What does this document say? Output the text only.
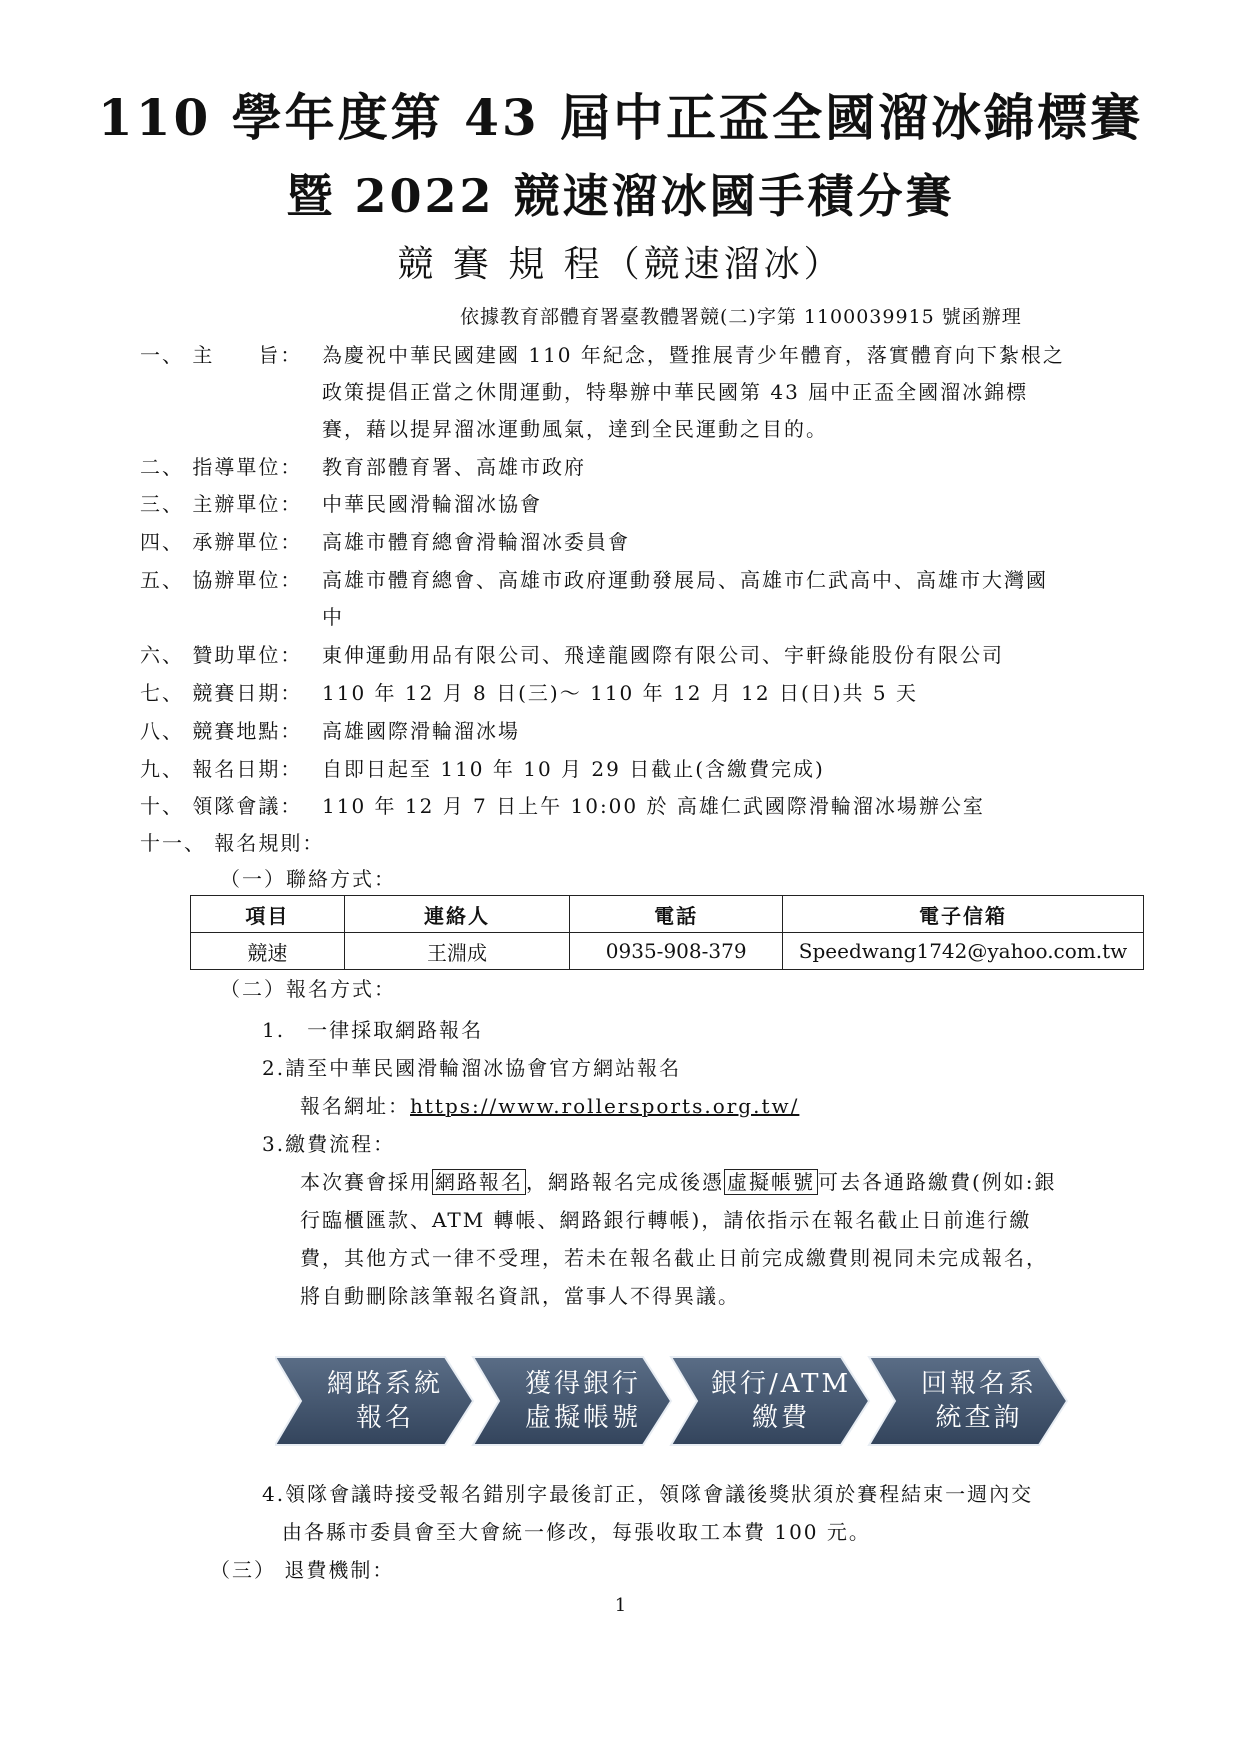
110 學年度第 43 屆中正盃全國溜冰錦標賽
暨 2022 競速溜冰國手積分賽
競 賽 規 程（競速溜冰）
依據教育部體育署臺教體署競(二)字第 1100039915 號函辦理
一、 主　　旨： 為慶祝中華民國建國 110 年紀念，暨推展青少年體育，落實體育向下紮根之
政策提倡正當之休閒運動，特舉辦中華民國第 43 屆中正盃全國溜冰錦標
賽，藉以提昇溜冰運動風氣，達到全民運動之目的。
二、 指導單位： 教育部體育署、高雄市政府
三、 主辦單位： 中華民國滑輪溜冰協會
四、 承辦單位： 高雄市體育總會滑輪溜冰委員會
五、 協辦單位： 高雄市體育總會、高雄市政府運動發展局、高雄市仁武高中、高雄市大灣國
中
六、 贊助單位： 東伸運動用品有限公司、飛達龍國際有限公司、宇軒綠能股份有限公司
七、 競賽日期： 110 年 12 月 8 日(三)～ 110 年 12 月 12 日(日)共 5 天
八、 競賽地點： 高雄國際滑輪溜冰場
九、 報名日期： 自即日起至 110 年 10 月 29 日截止(含繳費完成)
十、 領隊會議： 110 年 12 月 7 日上午 10:00 於 高雄仁武國際滑輪溜冰場辦公室
十一、 報名規則：
（一）聯絡方式：
項目	連絡人	電話	電子信箱
競速	王淵成	0935-908-379	Speedwang1742@yahoo.com.tw
（二）報名方式：
1.　一律採取網路報名
2.請至中華民國滑輪溜冰協會官方網站報名
報名網址：https://www.rollersports.org.tw/
3.繳費流程：
本次賽會採用 網路報名 ，網路報名完成後憑 虛擬帳號 可去各通路繳費(例如:銀
行臨櫃匯款、ATM 轉帳、網路銀行轉帳)，請依指示在報名截止日前進行繳
費，其他方式一律不受理，若未在報名截止日前完成繳費則視同未完成報名，
將自動刪除該筆報名資訊，當事人不得異議。
網路系統
報名
獲得銀行
虛擬帳號
銀行/ATM
繳費
回報名系
統查詢
4.領隊會議時接受報名錯別字最後訂正，領隊會議後獎狀須於賽程結束一週內交
由各縣市委員會至大會統一修改，每張收取工本費 100 元。
（三） 退費機制：
1
